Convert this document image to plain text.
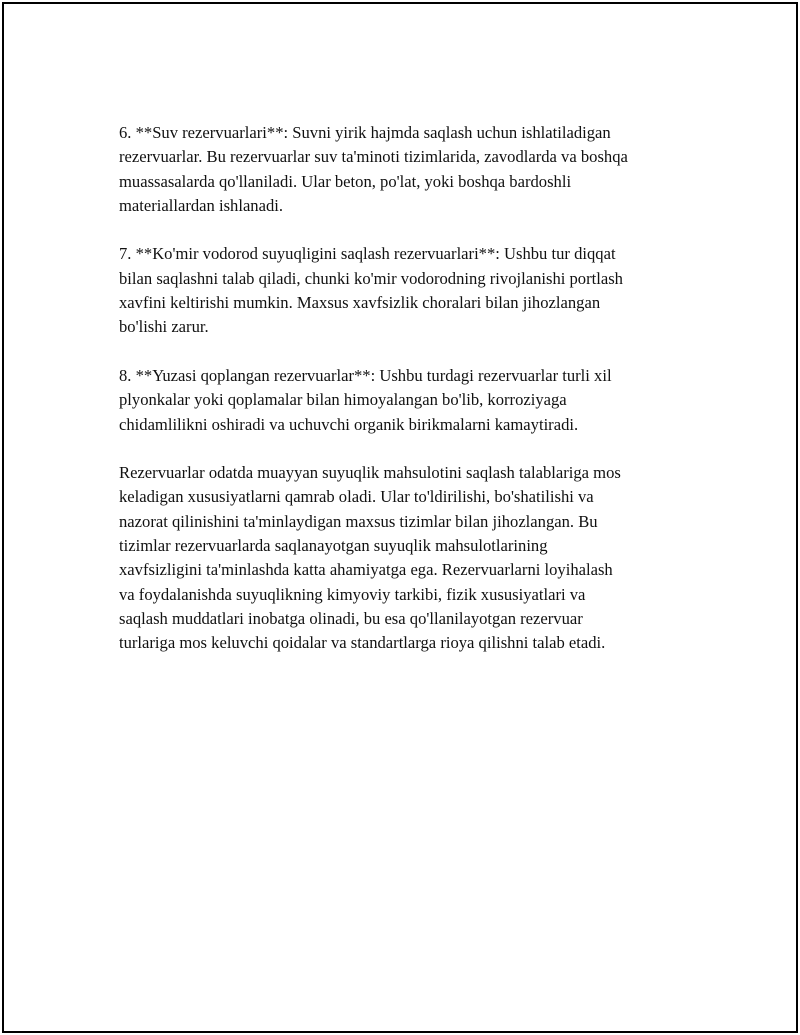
6. **Suv rezervuarlari**: Suvni yirik hajmda saqlash uchun ishlatiladigan
rezervuarlar. Bu rezervuarlar suv ta'minoti tizimlarida, zavodlarda va boshqa
muassasalarda qo'llaniladi. Ular beton, po'lat, yoki boshqa bardoshli
materiallardan ishlanadi.

7. **Ko'mir vodorod suyuqligini saqlash rezervuarlari**: Ushbu tur diqqat
bilan saqlashni talab qiladi, chunki ko'mir vodorodning rivojlanishi portlash
xavfini keltirishi mumkin. Maxsus xavfsizlik choralari bilan jihozlangan
bo'lishi zarur.

8. **Yuzasi qoplangan rezervuarlar**: Ushbu turdagi rezervuarlar turli xil
plyonkalar yoki qoplamalar bilan himoyalangan bo'lib, korroziyaga
chidamlilikni oshiradi va uchuvchi organik birikmalarni kamaytiradi.

Rezervuarlar odatda muayyan suyuqlik mahsulotini saqlash talablariga mos
keladigan xususiyatlarni qamrab oladi. Ular to'ldirilishi, bo'shatilishi va
nazorat qilinishini ta'minlaydigan maxsus tizimlar bilan jihozlangan. Bu
tizimlar rezervuarlarda saqlanayotgan suyuqlik mahsulotlarining
xavfsizligini ta'minlashda katta ahamiyatga ega. Rezervuarlarni loyihalash
va foydalanishda suyuqlikning kimyoviy tarkibi, fizik xususiyatlari va
saqlash muddatlari inobatga olinadi, bu esa qo'llanilayotgan rezervuar
turlariga mos keluvchi qoidalar va standartlarga rioya qilishni talab etadi.
